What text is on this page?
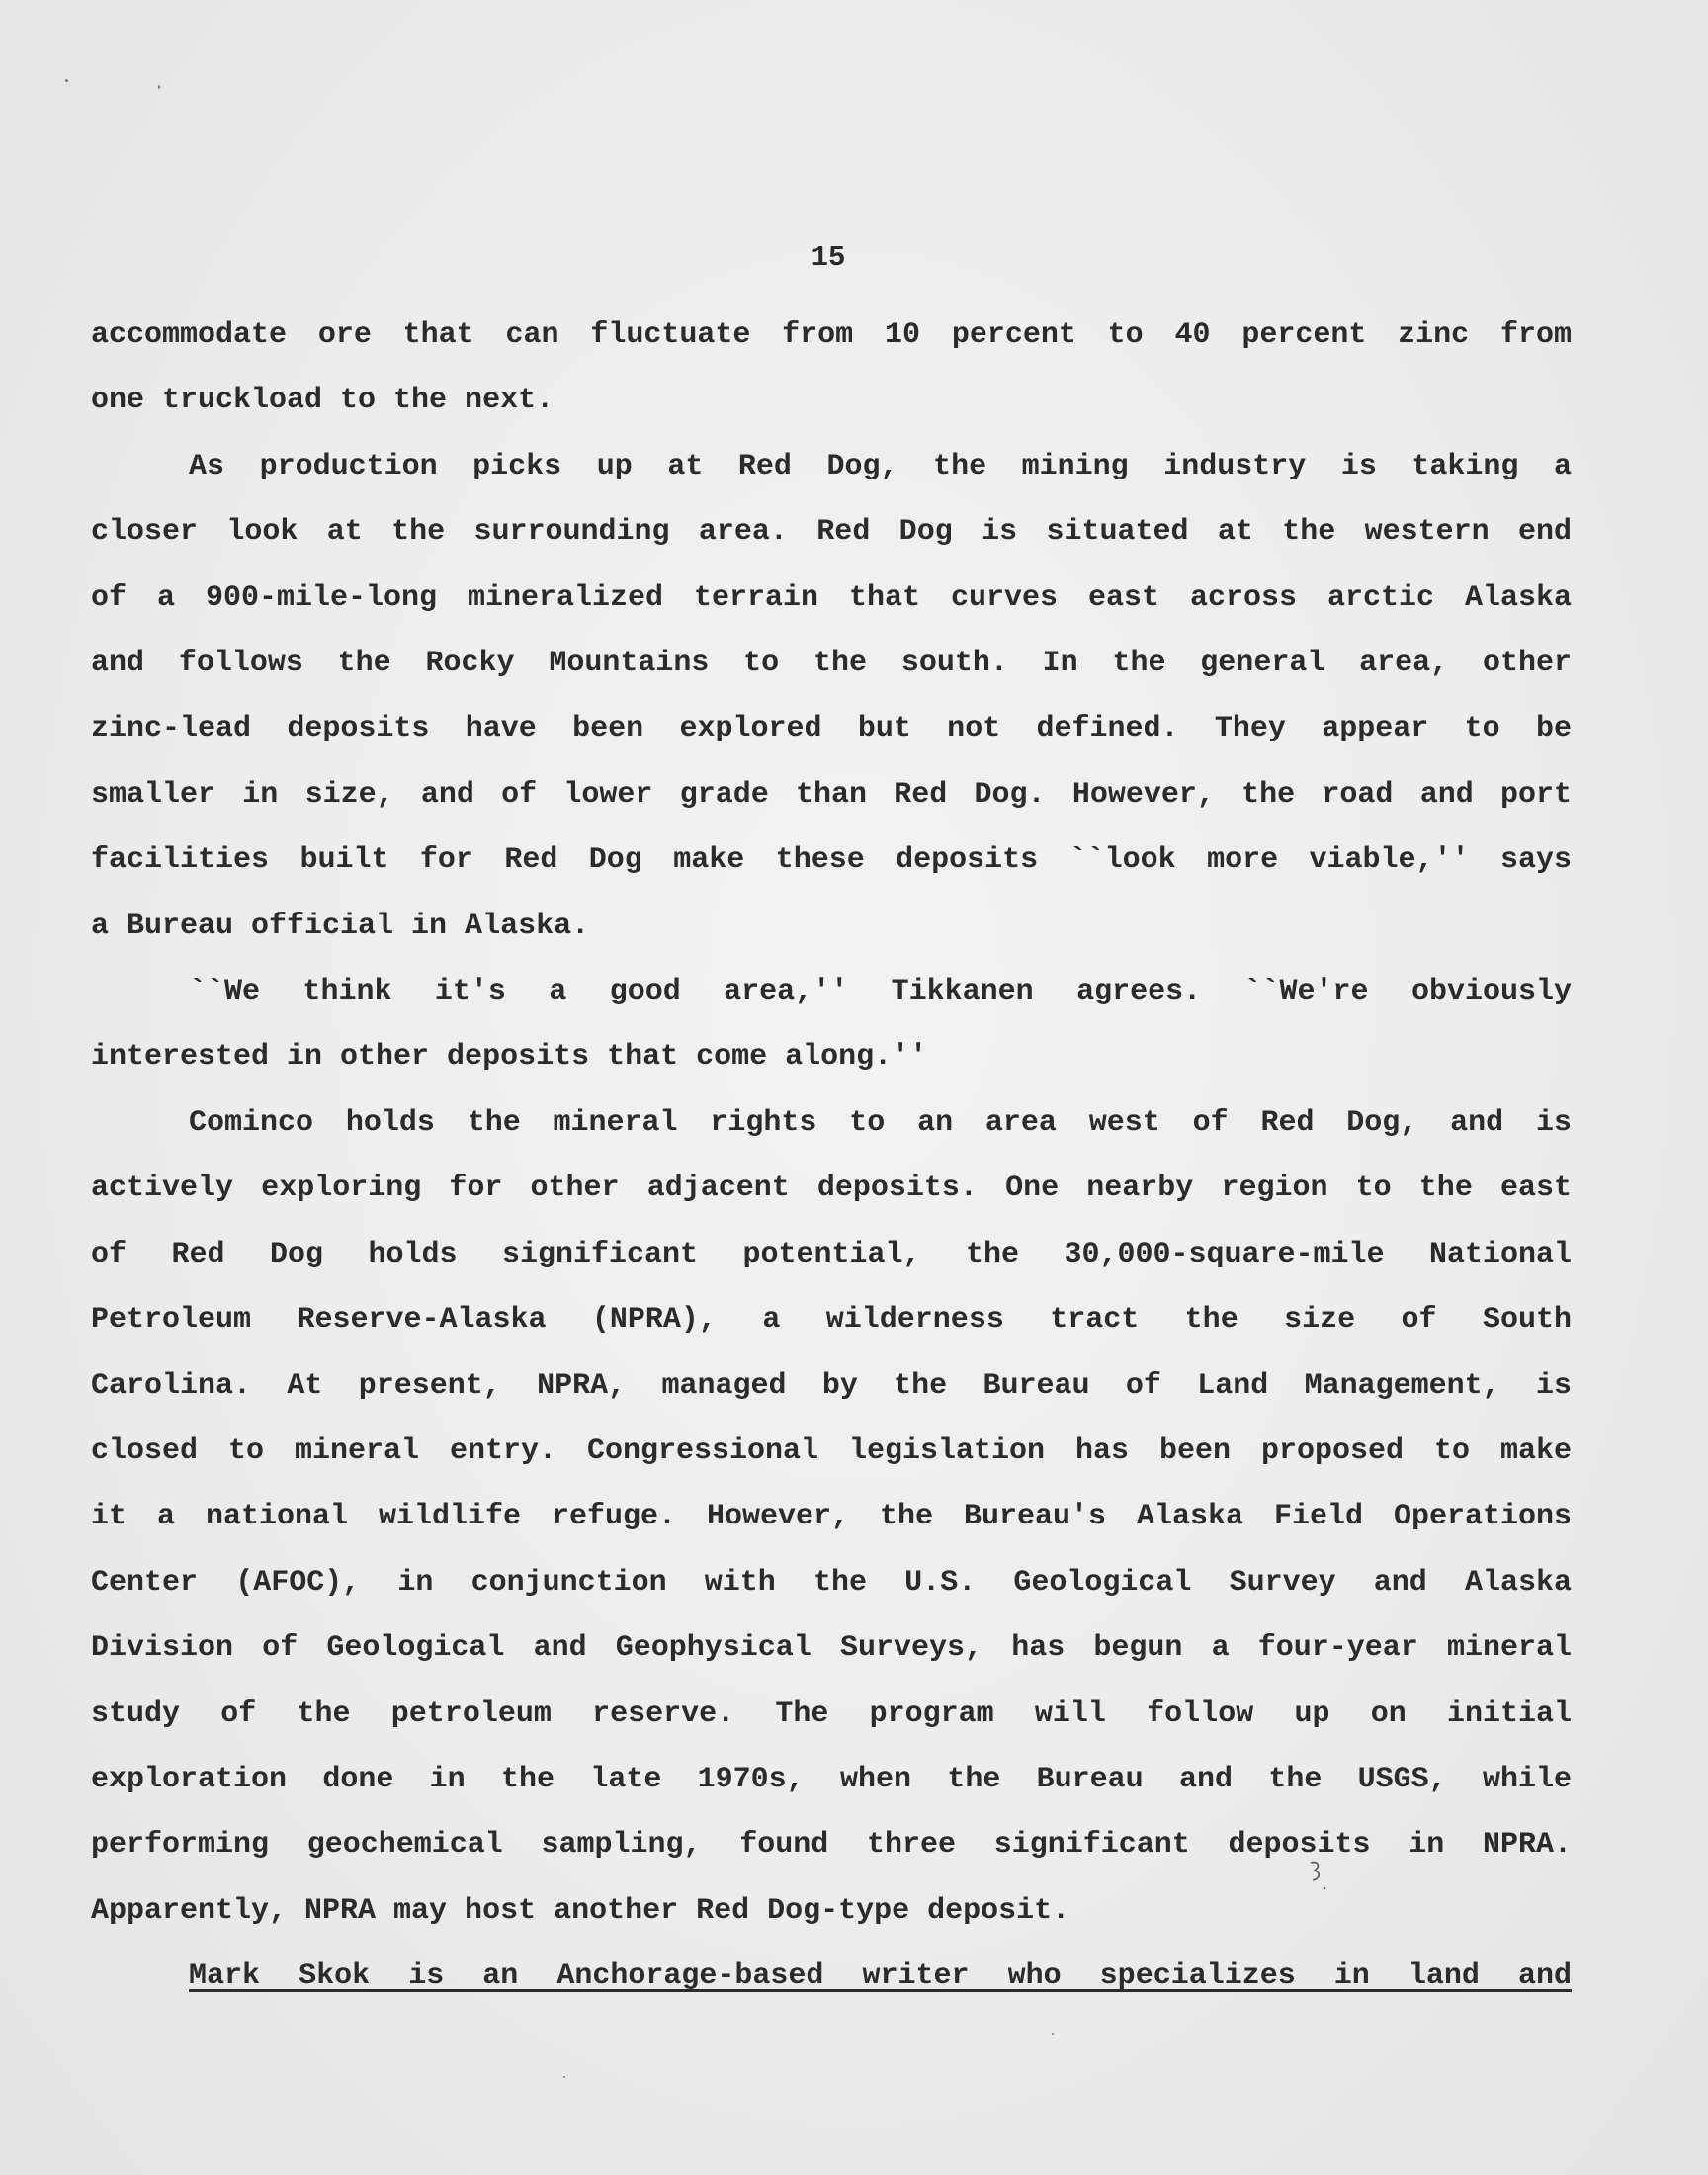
15
accommodate ore that can fluctuate from 10 percent to 40 percent zinc from
one truckload to the next.
As production picks up at Red Dog, the mining industry is taking a
closer look at the surrounding area. Red Dog is situated at the western end
of a 900-mile-long mineralized terrain that curves east across arctic Alaska
and follows the Rocky Mountains to the south. In the general area, other
zinc-lead deposits have been explored but not defined. They appear to be
smaller in size, and of lower grade than Red Dog. However, the road and port
facilities built for Red Dog make these deposits ``look more viable,'' says
a Bureau official in Alaska.
``We think it's a good area,'' Tikkanen agrees. ``We're obviously
interested in other deposits that come along.''
Cominco holds the mineral rights to an area west of Red Dog, and is
actively exploring for other adjacent deposits. One nearby region to the east
of Red Dog holds significant potential, the 30,000-square-mile National
Petroleum Reserve-Alaska (NPRA), a wilderness tract the size of South
Carolina. At present, NPRA, managed by the Bureau of Land Management, is
closed to mineral entry. Congressional legislation has been proposed to make
it a national wildlife refuge. However, the Bureau's Alaska Field Operations
Center (AFOC), in conjunction with the U.S. Geological Survey and Alaska
Division of Geological and Geophysical Surveys, has begun a four-year mineral
study of the petroleum reserve. The program will follow up on initial
exploration done in the late 1970s, when the Bureau and the USGS, while
performing geochemical sampling, found three significant deposits in NPRA.
Apparently, NPRA may host another Red Dog-type deposit.
Mark Skok is an Anchorage-based writer who specializes in land and
